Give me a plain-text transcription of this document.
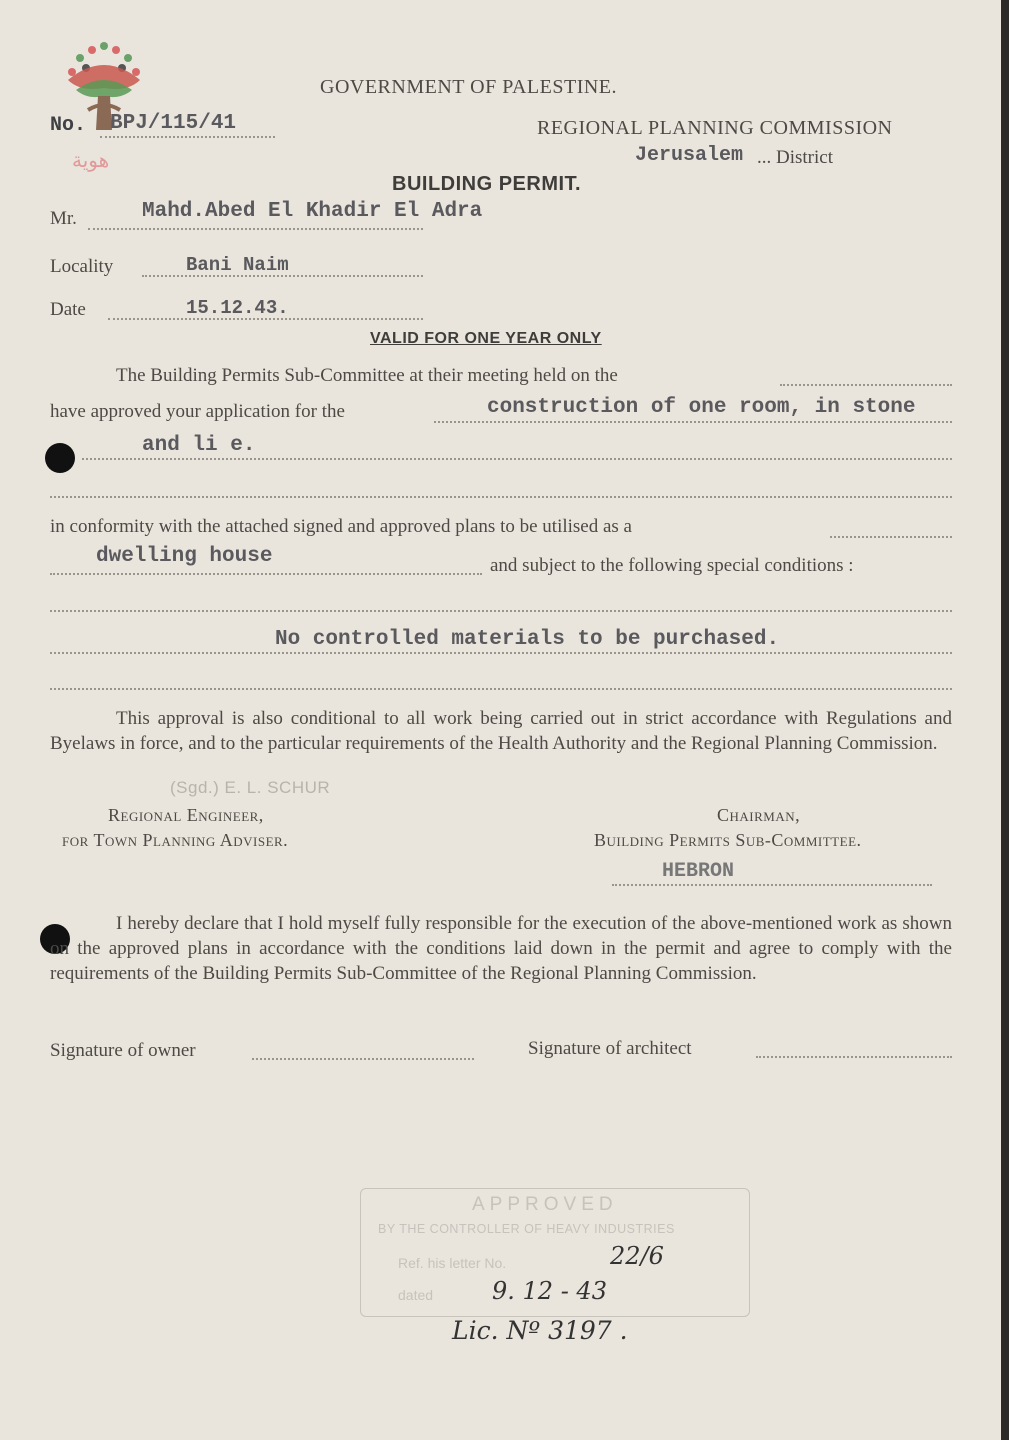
هوية
GOVERNMENT OF PALESTINE.
No. BPJ/115/41	REGIONAL PLANNING COMMISSION
Jerusalem ... District
BUILDING PERMIT.
Mr.	Mahd.Abed El Khadir El Adra
Locality	Bani Naim
Date	15.12.43.
VALID FOR ONE YEAR ONLY
The Building Permits Sub-Committee at their meeting held on the
have approved your application for the	construction of one room, in stone
and li e.
in conformity with the attached signed and approved plans to be utilised as a
dwelling house	and subject to the following special conditions :
No controlled materials to be purchased.
This approval is also conditional to all work being carried out in strict accordance with Regulations and Byelaws in force, and to the particular requirements of the Health Authority and the Regional Planning Commission.
(Sgd.) E. L. SCHUR
Regional Engineer,
for Town Planning Adviser.
Chairman,
Building Permits Sub-Committee.
HEBRON
I hereby declare that I hold myself fully responsible for the execution of the above-mentioned work as shown on the approved plans in accordance with the conditions laid down in the permit and agree to comply with the requirements of the Building Permits Sub-Committee of the Regional Planning Commission.
Signature of owner	Signature of architect
APPROVED
BY THE CONTROLLER OF HEAVY INDUSTRIES
Ref. his letter No.	22/6
dated 9. 12 - 43
Lic. Nº 3197 .
